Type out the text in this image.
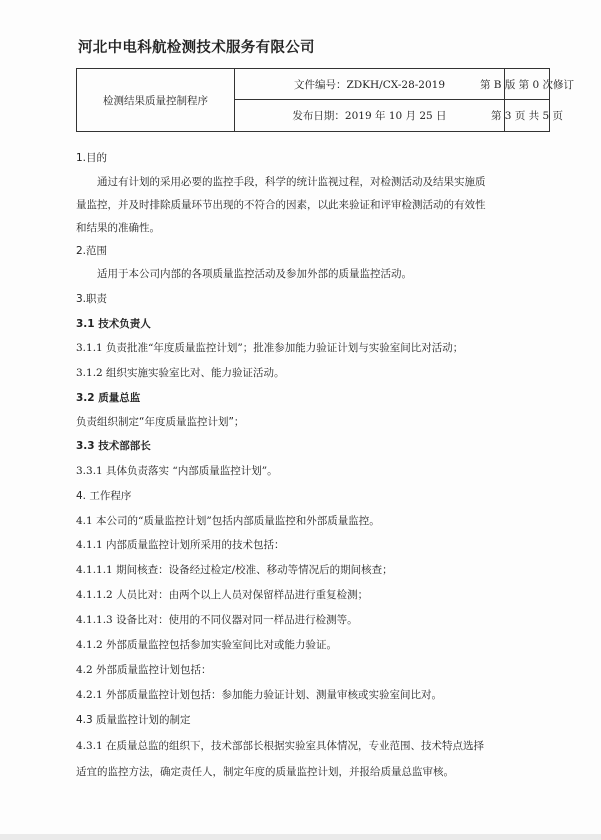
河北中电科航检测技术服务有限公司
检测结果质量控制程序
文件编号：ZDKH/CX-28-2019	第 B 版 第 0 次修订
发布日期：2019 年 10 月 25 日	第 3 页 共 5 页

1.目的

通过有计划的采用必要的监控手段，科学的统计监视过程，对检测活动及结果实施质

量监控，并及时排除质量环节出现的不符合的因素，以此来验证和评审检测活动的有效性

和结果的准确性。

2.范围

适用于本公司内部的各项质量监控活动及参加外部的质量监控活动。

3.职责

3.1 技术负责人

3.1.1 负责批准“年度质量监控计划”；批准参加能力验证计划与实验室间比对活动；

3.1.2 组织实施实验室比对、能力验证活动。

3.2 质量总监

负责组织制定“年度质量监控计划”；

3.3 技术部部长

3.3.1 具体负责落实 “内部质量监控计划”。

4. 工作程序

4.1 本公司的“质量监控计划”包括内部质量监控和外部质量监控。

4.1.1 内部质量监控计划所采用的技术包括：

4.1.1.1 期间核查：设备经过检定/校准、移动等情况后的期间核查；

4.1.1.2 人员比对：由两个以上人员对保留样品进行重复检测；

4.1.1.3 设备比对：使用的不同仪器对同一样品进行检测等。

4.1.2 外部质量监控包括参加实验室间比对或能力验证。

4.2 外部质量监控计划包括：

4.2.1 外部质量监控计划包括：参加能力验证计划、测量审核或实验室间比对。

4.3 质量监控计划的制定

4.3.1 在质量总监的组织下，技术部部长根据实验室具体情况，专业范围、技术特点选择

适宜的监控方法，确定责任人，制定年度的质量监控计划，并报给质量总监审核。
